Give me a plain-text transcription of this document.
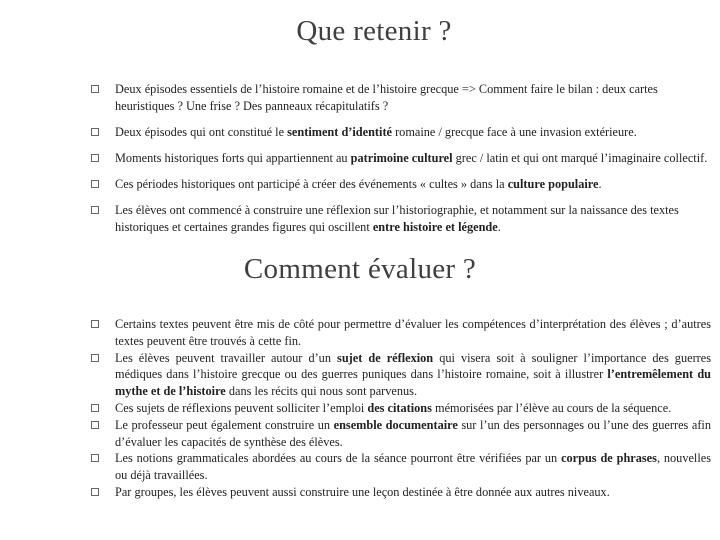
Que retenir ?
Deux épisodes essentiels de l’histoire romaine et de l’histoire grecque => Comment faire le bilan : deux cartes heuristiques ? Une frise ? Des panneaux récapitulatifs ?
Deux épisodes qui ont constitué le sentiment d’identité romaine / grecque face à une invasion extérieure.
Moments historiques forts qui appartiennent au patrimoine culturel grec / latin et qui ont marqué l’imaginaire collectif.
Ces périodes historiques ont participé à créer des événements « cultes » dans la culture populaire.
Les élèves ont commencé à construire une réflexion sur l’historiographie, et notamment sur la naissance des textes historiques et certaines grandes figures qui oscillent entre histoire et légende.
Comment évaluer ?
Certains textes peuvent être mis de côté pour permettre d’évaluer les compétences d’interprétation des élèves ; d’autres textes peuvent être trouvés à cette fin.
Les élèves peuvent travailler autour d’un sujet de réflexion qui visera soit à souligner l’importance des guerres médiques dans l’histoire grecque ou des guerres puniques dans l’histoire romaine, soit à illustrer l’entremêlement du mythe et de l’histoire dans les récits qui nous sont parvenus.
Ces sujets de réflexions peuvent solliciter l’emploi des citations mémorisées par l’élève au cours de la séquence.
Le professeur peut également construire un ensemble documentaire sur l’un des personnages ou l’une des guerres afin d’évaluer les capacités de synthèse des élèves.
Les notions grammaticales abordées au cours de la séance pourront être vérifiées par un corpus de phrases, nouvelles ou déjà travaillées.
Par groupes, les élèves peuvent aussi construire une leçon destinée à être donnée aux autres niveaux.
